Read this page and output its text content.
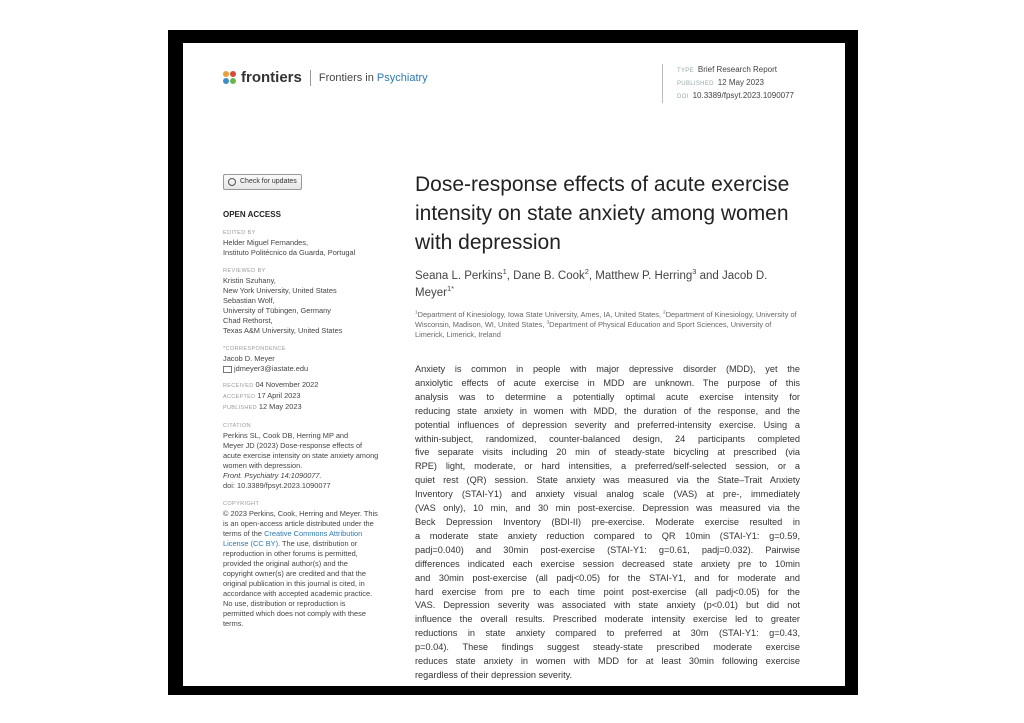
frontiers Frontiers in Psychiatry
TYPE Brief Research Report
PUBLISHED 12 May 2023
DOI 10.3389/fpsyt.2023.1090077
Check for updates
OPEN ACCESS
EDITED BY
Helder Miguel Fernandes,
Instituto Politécnico da Guarda, Portugal
REVIEWED BY
Kristin Szuhany,
New York University, United States
Sebastian Wolf,
University of Tübingen, Germany
Chad Rethorst,
Texas A&M University, United States
*CORRESPONDENCE
Jacob D. Meyer
jdmeyer3@iastate.edu
RECEIVED 04 November 2022
ACCEPTED 17 April 2023
PUBLISHED 12 May 2023
CITATION
Perkins SL, Cook DB, Herring MP and
Meyer JD (2023) Dose-response effects of
acute exercise intensity on state anxiety among
women with depression.
Front. Psychiatry 14:1090077.
doi: 10.3389/fpsyt.2023.1090077
COPYRIGHT
© 2023 Perkins, Cook, Herring and Meyer. This
is an open-access article distributed under the
terms of the Creative Commons Attribution
License (CC BY). The use, distribution or
reproduction in other forums is permitted,
provided the original author(s) and the
copyright owner(s) are credited and that the
original publication in this journal is cited, in
accordance with accepted academic practice.
No use, distribution or reproduction is
permitted which does not comply with these
terms.
Dose-response effects of acute exercise intensity on state anxiety among women with depression
Seana L. Perkins$^1$, Dane B. Cook$^2$, Matthew P. Herring$^3$ and Jacob D. Meyer$^{1*}$
$^1$Department of Kinesiology, Iowa State University, Ames, IA, United States, $^2$Department of Kinesiology, University of Wisconsin, Madison, WI, United States, $^3$Department of Physical Education and Sport Sciences, University of Limerick, Limerick, Ireland
Anxiety is common in people with major depressive disorder (MDD), yet the
anxiolytic effects of acute exercise in MDD are unknown. The purpose of this
analysis was to determine a potentially optimal acute exercise intensity for
reducing state anxiety in women with MDD, the duration of the response, and the
potential influences of depression severity and preferred-intensity exercise. Using a
within-subject, randomized, counter-balanced design, 24 participants completed
five separate visits including 20 min of steady-state bicycling at prescribed (via
RPE) light, moderate, or hard intensities, a preferred/self-selected session, or a
quiet rest (QR) session. State anxiety was measured via the State–Trait Anxiety
Inventory (STAI-Y1) and anxiety visual analog scale (VAS) at pre-, immediately
(VAS only), 10 min, and 30 min post-exercise. Depression was measured via the
Beck Depression Inventory (BDI-II) pre-exercise. Moderate exercise resulted in
a moderate state anxiety reduction compared to QR 10min (STAI-Y1: g=0.59,
padj=0.040) and 30min post-exercise (STAI-Y1: g=0.61, padj=0.032). Pairwise
differences indicated each exercise session decreased state anxiety pre to 10min
and 30min post-exercise (all padj<0.05) for the STAI-Y1, and for moderate and
hard exercise from pre to each time point post-exercise (all padj<0.05) for the
VAS. Depression severity was associated with state anxiety (p<0.01) but did not
influence the overall results. Prescribed moderate intensity exercise led to greater
reductions in state anxiety compared to preferred at 30m (STAI-Y1: g=0.43,
p=0.04). These findings suggest steady-state prescribed moderate exercise
reduces state anxiety in women with MDD for at least 30min following exercise
regardless of their depression severity.
